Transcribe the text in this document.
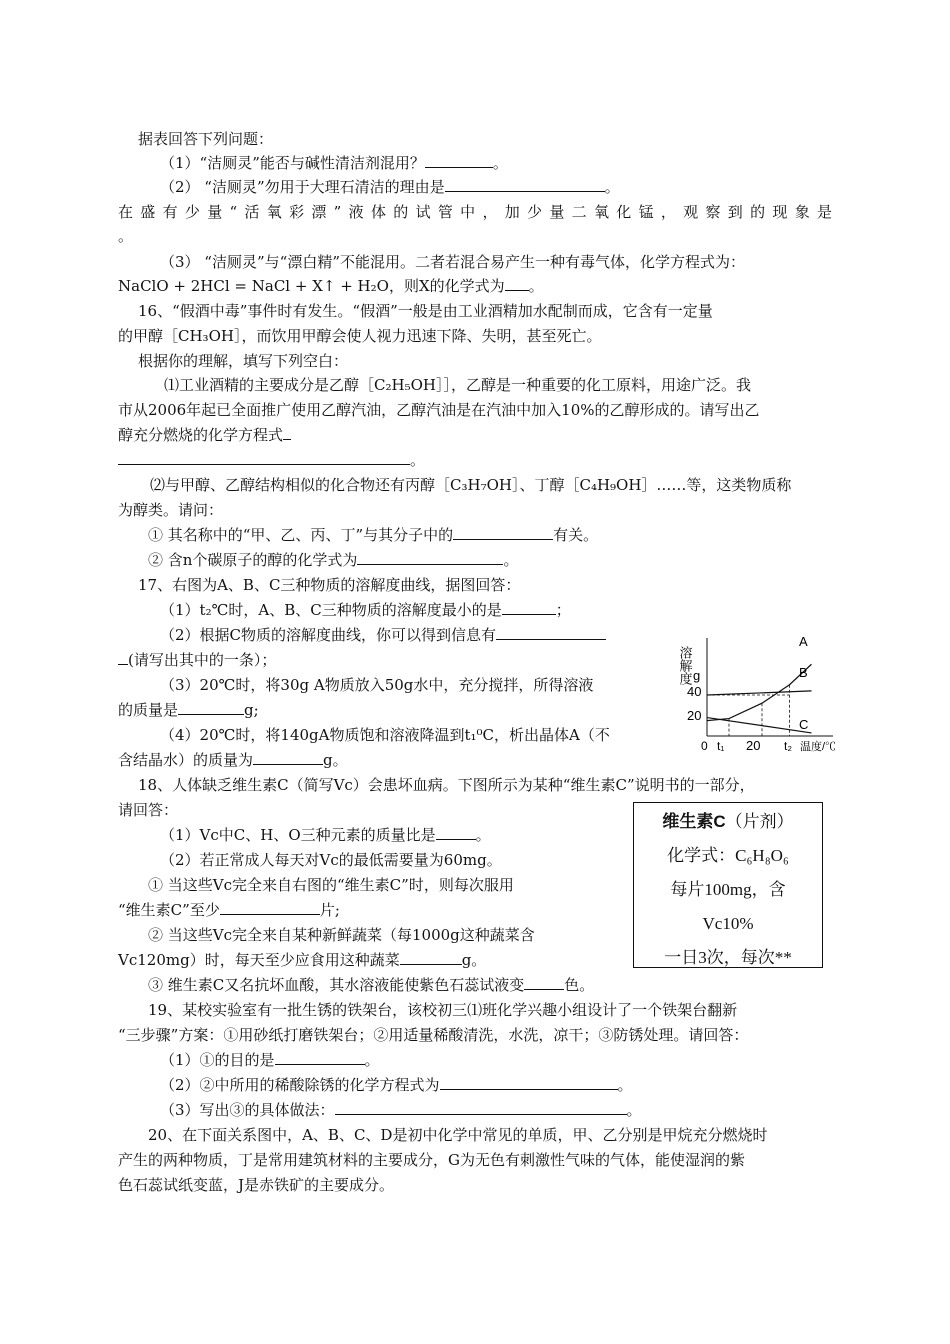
据表回答下列问题：
（1）“洁厕灵”能否与碱性清洁剂混用？	。
（2） “洁厕灵”勿用于大理石清洁的理由是	。
在盛有少量“活氧彩漂”液体的试管中，加少量二氧化锰，观察到的现象是
。
（3） “洁厕灵”与“漂白精”不能混用。二者若混合易产生一种有毒气体，化学方程式为：
NaClO + 2HCl = NaCl + X↑ + H₂O，则X的化学式为 。
16、“假酒中毒”事件时有发生。“假酒”一般是由工业酒精加水配制而成，它含有一定量
的甲醇［CH₃OH］，而饮用甲醇会使人视力迅速下降、失明，甚至死亡。
根据你的理解，填写下列空白：
⑴工业酒精的主要成分是乙醇［C₂H₅OH］］，乙醇是一种重要的化工原料，用途广泛。我
市从2006年起已全面推广使用乙醇汽油，乙醇汽油是在汽油中加入10%的乙醇形成的。请写出乙
醇充分燃烧的化学方程式
。
⑵与甲醇、乙醇结构相似的化合物还有丙醇［C₃H₇OH］、丁醇［C₄H₉OH］……等，这类物质称
为醇类。请问：
① 其名称中的“甲、乙、丙、丁”与其分子中的	有关。
② 含n个碳原子的醇的化学式为	。
17、右图为A、B、C三种物质的溶解度曲线，据图回答：
（1）t₂℃时，A、B、C三种物质的溶解度最小的是	；
（2）根据C物质的溶解度曲线，你可以得到信息有
(请写出其中的一条）；
（3）20℃时，将30g A物质放入50g水中，充分搅拌，所得溶液
的质量是	g;
（4）20℃时，将140gA物质饱和溶液降温到t₁⁰C，析出晶体A（不
含结晶水）的质量为	g。
18、人体缺乏维生素C（简写Vc）会患坏血病。下图所示为某种“维生素C”说明书的一部分，
请回答：
（1）Vc中C、H、O三种元素的质量比是	。
（2）若正常成人每天对Vc的最低需要量为60mg。
① 当这些Vc完全来自右图的“维生素C”时，则每次服用
“维生素C”至少	片;
② 当这些Vc完全来自某种新鲜蔬菜（每1000g这种蔬菜含
Vc120mg）时，每天至少应食用这种蔬菜	g。
③ 维生素C又名抗坏血酸，其水溶液能使紫色石蕊试液变	色。
19、某校实验室有一批生锈的铁架台，该校初三⑴班化学兴趣小组设计了一个铁架台翻新
“三步骤”方案：①用砂纸打磨铁架台；②用适量稀酸清洗，水洗，凉干；③防锈处理。请回答：
（1）①的目的是	。
（2）②中所用的稀酸除锈的化学方程式为	。
（3）写出③的具体做法：	。
20、在下面关系图中，A、B、C、D是初中化学中常见的单质，甲、乙分别是甲烷充分燃烧时
产生的两种物质，丁是常用建筑材料的主要成分，G为无色有刺激性气味的气体，能使湿润的紫
色石蕊试纸变蓝，J是赤铁矿的主要成分。
维生素C（片剂）
化学式：C₆H₈O₆
每片100mg，含
Vc10%
一日3次，每次**
溶解度 g
40
20
0 t₁ 20 t₂ 温度/℃
A
B
C
